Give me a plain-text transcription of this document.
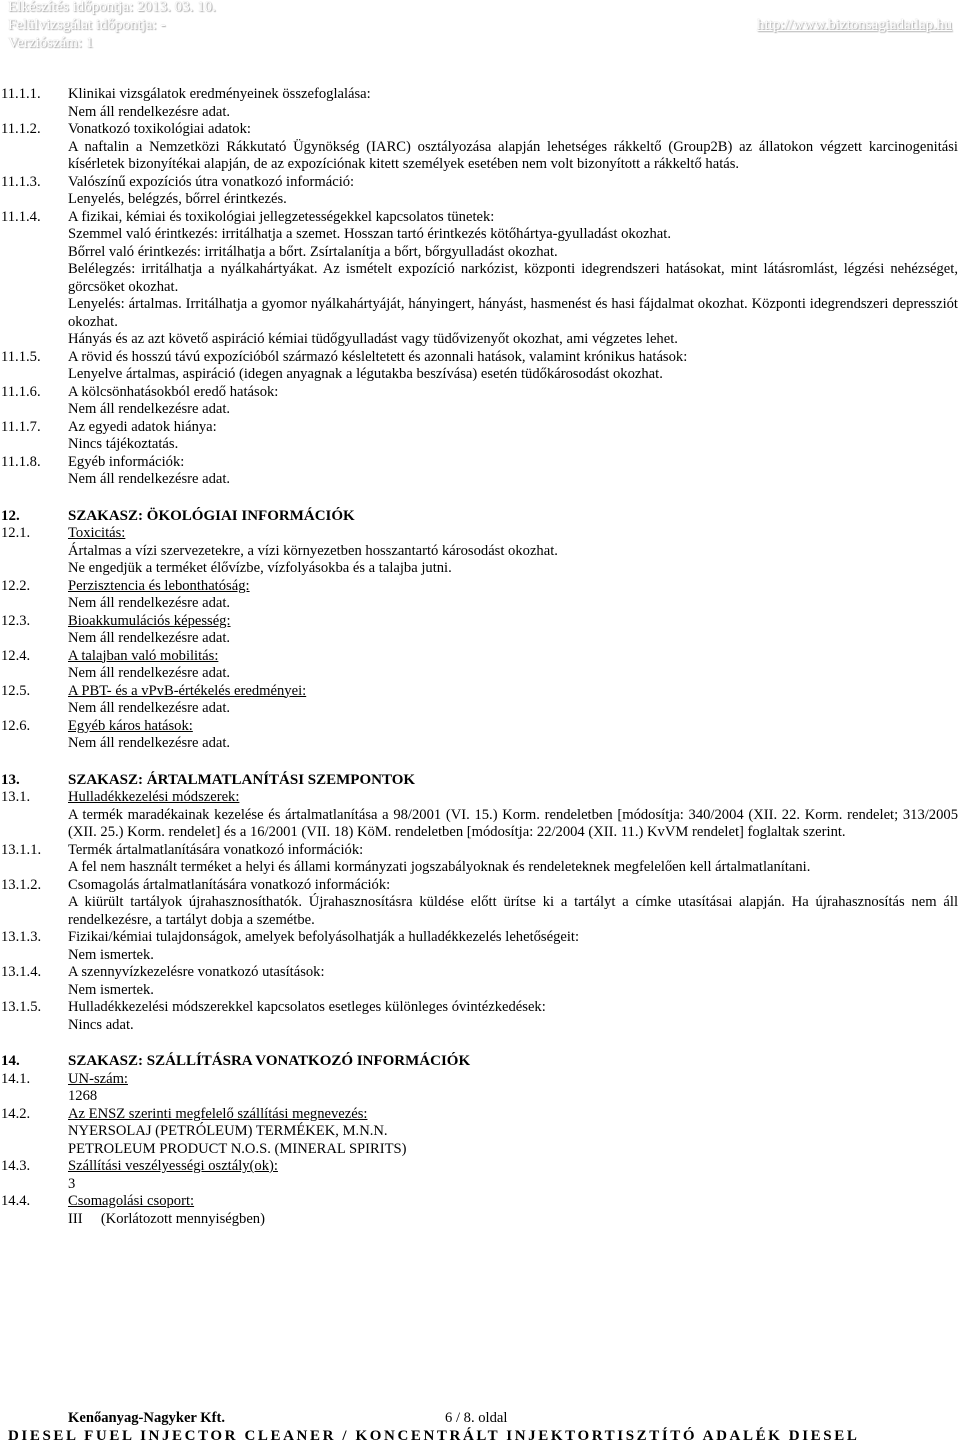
Elkészítés időpontja: 2013. 03. 10.
Felülvizsgálat időpontja: -
Verziószám: 1
http://www.biztonsagiadatlap.hu
11.1.1.	Klinikai vizsgálatok eredményeinek összefoglalása:
Nem áll rendelkezésre adat.
11.1.2.	Vonatkozó toxikológiai adatok:
A naftalin a Nemzetközi Rákkutató Ügynökség (IARC) osztályozása alapján lehetséges rákkeltő (Group2B) az állatokon végzett karcinogenitási kísérletek bizonyítékai alapján, de az expozíciónak kitett személyek esetében nem volt bizonyított a rákkeltő hatás.
11.1.3.	Valószínű expozíciós útra vonatkozó információ:
Lenyelés, belégzés, bőrrel érintkezés.
11.1.4.	A fizikai, kémiai és toxikológiai jellegzetességekkel kapcsolatos tünetek:
Szemmel való érintkezés: irritálhatja a szemet. Hosszan tartó érintkezés kötőhártya-gyulladást okozhat.
Bőrrel való érintkezés: irritálhatja a bőrt. Zsírtalanítja a bőrt, bőrgyulladást okozhat.
Belélegzés: irritálhatja a nyálkahártyákat. Az ismételt expozíció narkózist, központi idegrendszeri hatásokat, mint látásromlást, légzési nehézséget, görcsöket okozhat.
Lenyelés: ártalmas. Irritálhatja a gyomor nyálkahártyáját, hányingert, hányást, hasmenést és hasi fájdalmat okozhat. Központi idegrendszeri depressziót okozhat.
Hányás és az azt követő aspiráció kémiai tüdőgyulladást vagy tüdővizenyőt okozhat, ami végzetes lehet.
11.1.5.	A rövid és hosszú távú expozícióból származó késleltetett és azonnali hatások, valamint krónikus hatások:
Lenyelve ártalmas, aspiráció (idegen anyagnak a légutakba beszívása) esetén tüdőkárosodást okozhat.
11.1.6.	A kölcsönhatásokból eredő hatások:
Nem áll rendelkezésre adat.
11.1.7.	Az egyedi adatok hiánya:
Nincs tájékoztatás.
11.1.8.	Egyéb információk:
Nem áll rendelkezésre adat.
12.	SZAKASZ: ÖKOLÓGIAI INFORMÁCIÓK
12.1.	Toxicitás:
Ártalmas a vízi szervezetekre, a vízi környezetben hosszantartó károsodást okozhat.
Ne engedjük a terméket élővízbe, vízfolyásokba és a talajba jutni.
12.2.	Perzisztencia és lebonthatóság:
Nem áll rendelkezésre adat.
12.3.	Bioakkumulációs képesség:
Nem áll rendelkezésre adat.
12.4.	A talajban való mobilitás:
Nem áll rendelkezésre adat.
12.5.	A PBT- és a vPvB-értékelés eredményei:
Nem áll rendelkezésre adat.
12.6.	Egyéb káros hatások:
Nem áll rendelkezésre adat.
13.	SZAKASZ: ÁRTALMATLANÍTÁSI SZEMPONTOK
13.1.	Hulladékkezelési módszerek:
A termék maradékainak kezelése és ártalmatlanítása a 98/2001 (VI. 15.) Korm. rendeletben [módosítja: 340/2004 (XII. 22. Korm. rendelet; 313/2005 (XII. 25.) Korm. rendelet] és a 16/2001 (VII. 18) KöM. rendeletben [módosítja: 22/2004 (XII. 11.) KvVM rendelet] foglaltak szerint.
13.1.1.	Termék ártalmatlanítására vonatkozó információk:
A fel nem használt terméket a helyi és állami kormányzati jogszabályoknak és rendeleteknek megfelelően kell ártalmatlanítani.
13.1.2.	Csomagolás ártalmatlanítására vonatkozó információk:
A kiürült tartályok újrahasznosíthatók. Újrahasznosításra küldése előtt ürítse ki a tartályt a címke utasításai alapján. Ha újrahasznosítás nem áll rendelkezésre, a tartályt dobja a szemétbe.
13.1.3.	Fizikai/kémiai tulajdonságok, amelyek befolyásolhatják a hulladékkezelés lehetőségeit:
Nem ismertek.
13.1.4.	A szennyvízkezelésre vonatkozó utasítások:
Nem ismertek.
13.1.5.	Hulladékkezelési módszerekkel kapcsolatos esetleges különleges óvintézkedések:
Nincs adat.
14.	SZAKASZ: SZÁLLÍTÁSRA VONATKOZÓ INFORMÁCIÓK
14.1.	UN-szám:
1268
14.2.	Az ENSZ szerinti megfelelő szállítási megnevezés:
NYERSOLAJ (PETRÓLEUM) TERMÉKEK, M.N.N.
PETROLEUM PRODUCT N.O.S. (MINERAL SPIRITS)
14.3.	Szállítási veszélyességi osztály(ok):
3
14.4.	Csomagolási csoport:
III     (Korlátozott mennyiségben)
Kenőanyag-Nagyker Kft.	6 / 8. oldal
DIESEL FUEL INJECTOR CLEANER / KONCENTRÁLT INJEKTORTISZTÍTÓ ADALÉK DIESEL
